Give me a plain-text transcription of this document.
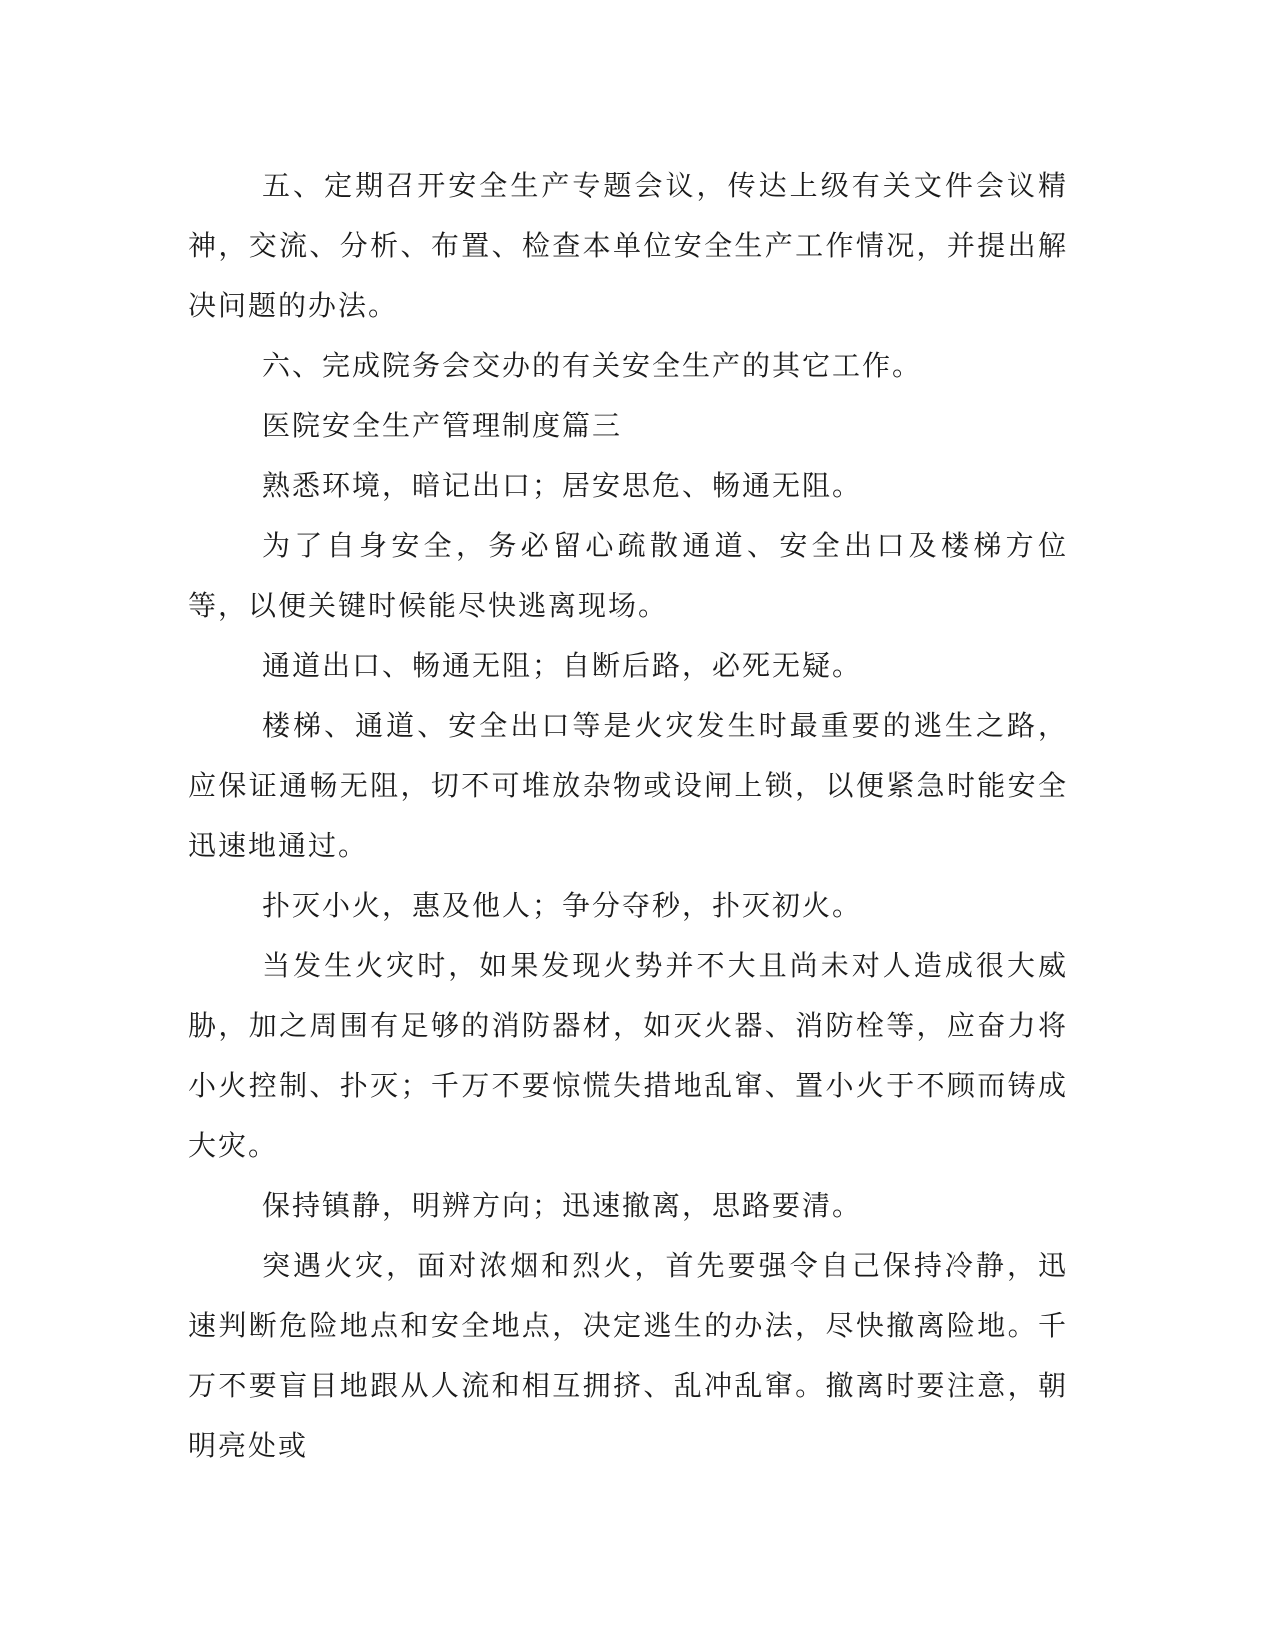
五、定期召开安全生产专题会议，传达上级有关文件会议精神，交流、分析、布置、检查本单位安全生产工作情况，并提出解决问题的办法。

六、完成院务会交办的有关安全生产的其它工作。

医院安全生产管理制度篇三

熟悉环境，暗记出口；居安思危、畅通无阻。

为了自身安全，务必留心疏散通道、安全出口及楼梯方位等，以便关键时候能尽快逃离现场。

通道出口、畅通无阻；自断后路，必死无疑。

楼梯、通道、安全出口等是火灾发生时最重要的逃生之路，应保证通畅无阻，切不可堆放杂物或设闸上锁，以便紧急时能安全迅速地通过。

扑灭小火，惠及他人；争分夺秒，扑灭初火。

当发生火灾时，如果发现火势并不大且尚未对人造成很大威胁，加之周围有足够的消防器材，如灭火器、消防栓等，应奋力将小火控制、扑灭；千万不要惊慌失措地乱窜、置小火于不顾而铸成大灾。

保持镇静，明辨方向；迅速撤离，思路要清。

突遇火灾，面对浓烟和烈火，首先要强令自己保持冷静，迅速判断危险地点和安全地点，决定逃生的办法，尽快撤离险地。千万不要盲目地跟从人流和相互拥挤、乱冲乱窜。撤离时要注意，朝明亮处或
